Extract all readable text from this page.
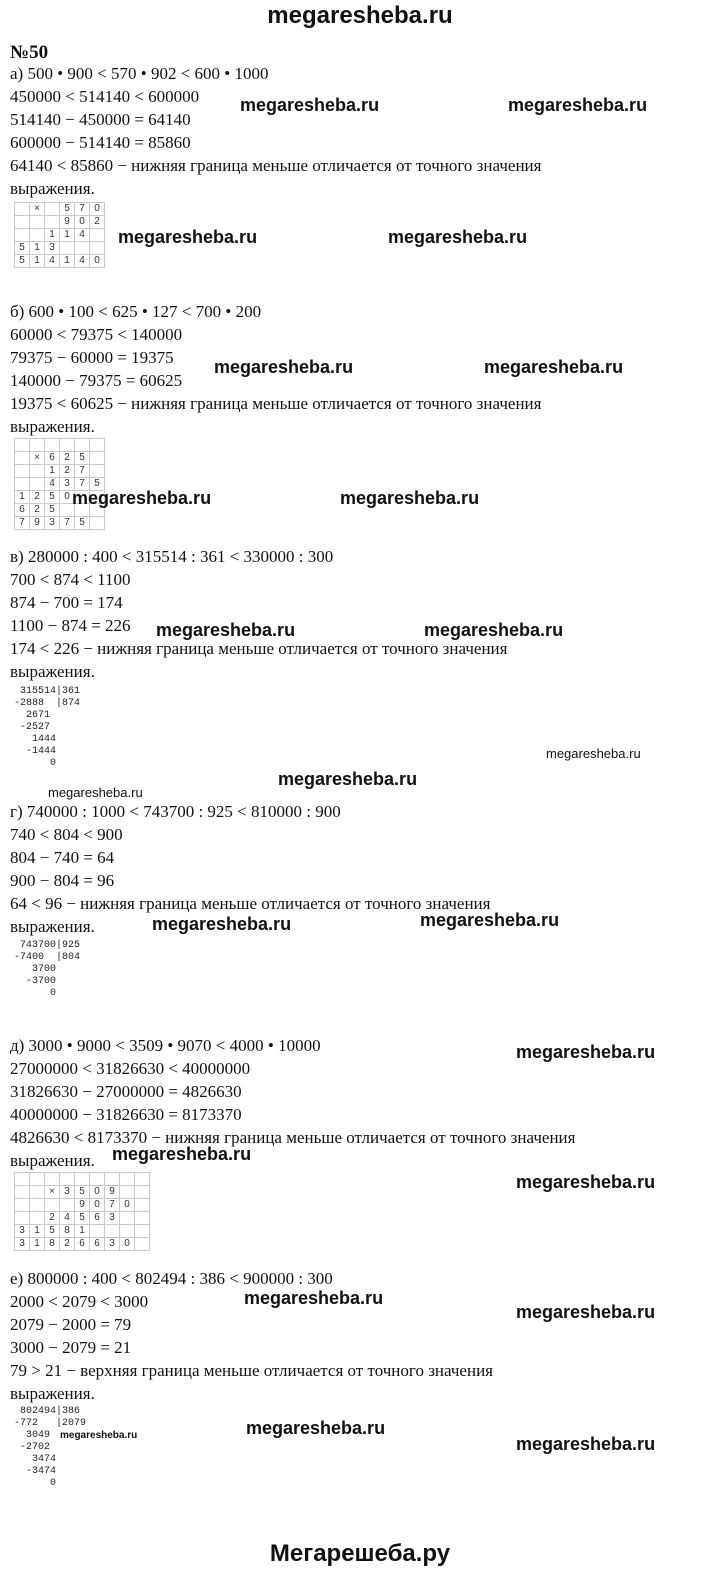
megaresheba.ru
№50
а) 500 • 900 < 570 • 902 < 600 • 1000
450000 < 514140 < 600000
514140 − 450000 = 64140
600000 − 514140 = 85860
64140 < 85860 − нижняя граница меньше отличается от точного значения
выражения.
	×		5	7	0
			9	0	2
		1	1	4	
5	1	3			
5	1	4	1	4	0
megaresheba.ru	megaresheba.ru
megaresheba.ru	megaresheba.ru
б) 600 • 100 < 625 • 127 < 700 • 200
60000 < 79375 < 140000
79375 − 60000 = 19375
140000 − 79375 = 60625
19375 < 60625 − нижняя граница меньше отличается от точного значения
выражения.

	×	6	2	5	
		1	2	7	
		4	3	7	5
1	2	5	0		
6	2	5			
7	9	3	7	5	
megaresheba.ru	megaresheba.ru
megaresheba.ru	megaresheba.ru
в) 280000 : 400 < 315514 : 361 < 330000 : 300
700 < 874 < 1100
874 − 700 = 174
1100 − 874 = 226
174 < 226 − нижняя граница меньше отличается от точного значения
выражения.
315514|361
-2888  |874
2671
-2527
1444
-1444
0
megaresheba.ru	megaresheba.ru
megaresheba.ru
megaresheba.ru
megaresheba.ru
г) 740000 : 1000 < 743700 : 925 < 810000 : 900
740 < 804 < 900
804 − 740 = 64
900 − 804 = 96
64 < 96 − нижняя граница меньше отличается от точного значения
выражения.
743700|925
-7400  |804
3700
-3700
0
megaresheba.ru	megaresheba.ru
д) 3000 • 9000 < 3509 • 9070 < 4000 • 10000
27000000 < 31826630 < 40000000
31826630 − 27000000 = 4826630
40000000 − 31826630 = 8173370
4826630 < 8173370 − нижняя граница меньше отличается от точного значения
выражения.

		×	3	5	0	9		
				9	0	7	0	
		2	4	5	6	3		
3	1	5	8	1				
3	1	8	2	6	6	3	0	
megaresheba.ru
megaresheba.ru
megaresheba.ru
е) 800000 : 400 < 802494 : 386 < 900000 : 300
2000 < 2079 < 3000
2079 − 2000 = 79
3000 − 2079 = 21
79 > 21 − верхняя граница меньше отличается от точного значения
выражения.
802494|386
-772   |2079
3049
-2702
3474
-3474
0
megaresheba.ru
megaresheba.ru
megaresheba.ru
megaresheba.ru	megaresheba.ru
Мегарешеба.ру
